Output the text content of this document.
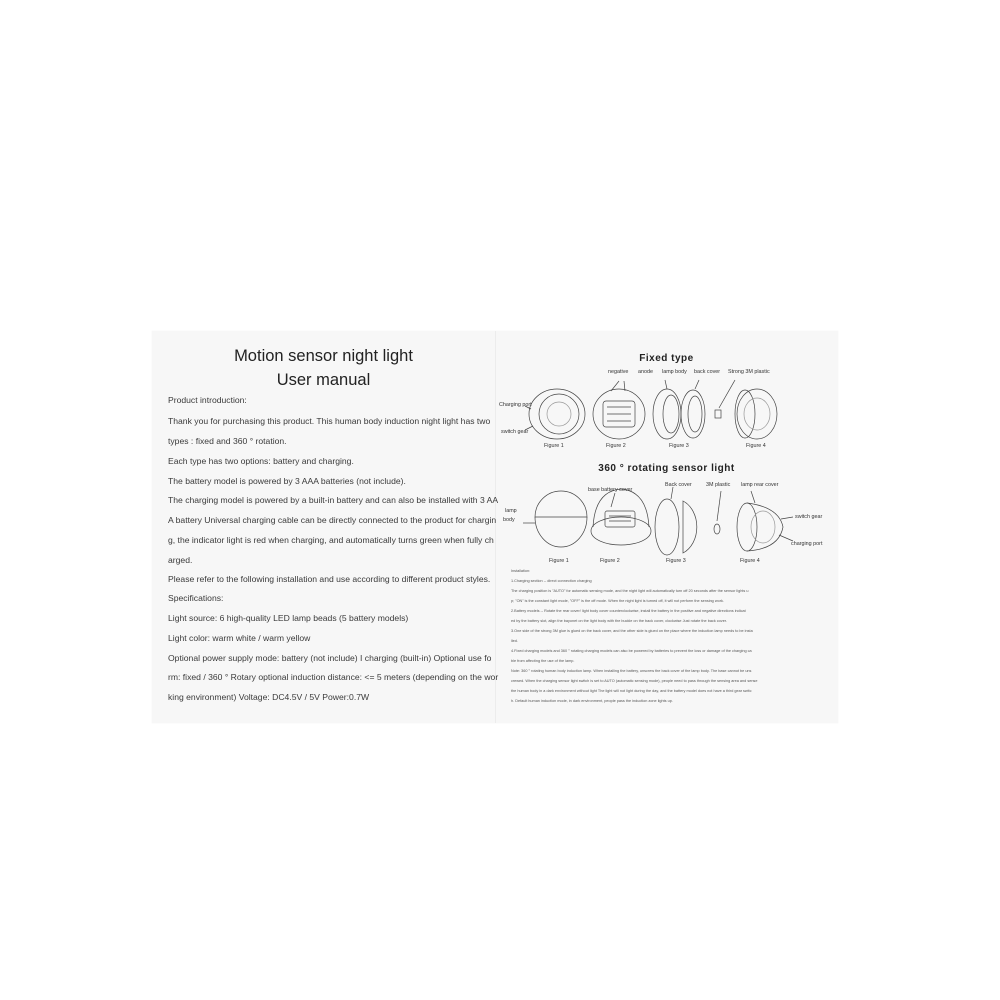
Motion sensor night light
User manual
Product introduction:
Thank you for purchasing this product. This human body induction night light has two
types : fixed and 360 ° rotation.
Each type has two options: battery and charging.
The battery model is powered by 3 AAA batteries (not include).
The charging model is powered by a built-in battery and can also be installed with 3 AA
A battery Universal charging cable can be directly connected to the product for chargin
g, the indicator light is red when charging, and automatically turns green when fully ch
arged.
Please refer to the following installation and use according to different product styles.
Specifications:
Light source: 6 high-quality LED lamp beads (5 battery models)
Light color: warm white / warm yellow
Optional power supply mode: battery (not include) I charging (built-in) Optional use fo
rm: fixed / 360 ° Rotary optional induction distance: <= 5 meters (depending on the wor
king environment) Voltage: DC4.5V / 5V Power:0.7W
Fixed type
negative anode lamp body back cover Strong 3M plastic
Charging port
switch gear
Figure 1	Figure 2	Figure 3	Figure 4
360 ° rotating sensor light
base battery cover
Back cover	3M plastic lamp rear cover
lamp
body	switch gear
charging port
Figure 1	Figure 2	Figure 3	Figure 4
Installation:
1.Charging section -- direct connection charging
The charging position is "AUTO" for automatic sensing mode, and the night light will automatically turn off 20 seconds after the sensor lights u
p; "ON" is the constant light mode, "OFF" is the off mode. When the night light is turned off, it will not perform the sensing work.
2.Battery models -- Rotate the rear cover/ light body cover counterclockwise, install the battery in the positive and negative directions indicat
ed by the battery slot, align the bayonet on the light body with the buckle on the back cover, clockwise Just rotate the back cover.
3.One side of the strong 3M glue is glued on the back cover, and the other side is glued on the place where the induction lamp needs to be insta
lled.
4.Fixed charging models and 360 ° rotating charging models can also be powered by batteries to prevent the loss or damage of the charging ca
ble from affecting the use of the lamp.
Note: 360 ° rotating human body induction lamp. When installing the battery, unscrew the back cover of the lamp body. The base cannot be uns
crewed. When the charging sensor light switch is set to AUTO (automatic sensing mode), people need to pass through the sensing area and sense
the human body in a dark environment without light The light will not light during the day, and the battery model does not have a third gear switc
h. Default human induction mode, in dark environment, people pass the induction zone lights up.
